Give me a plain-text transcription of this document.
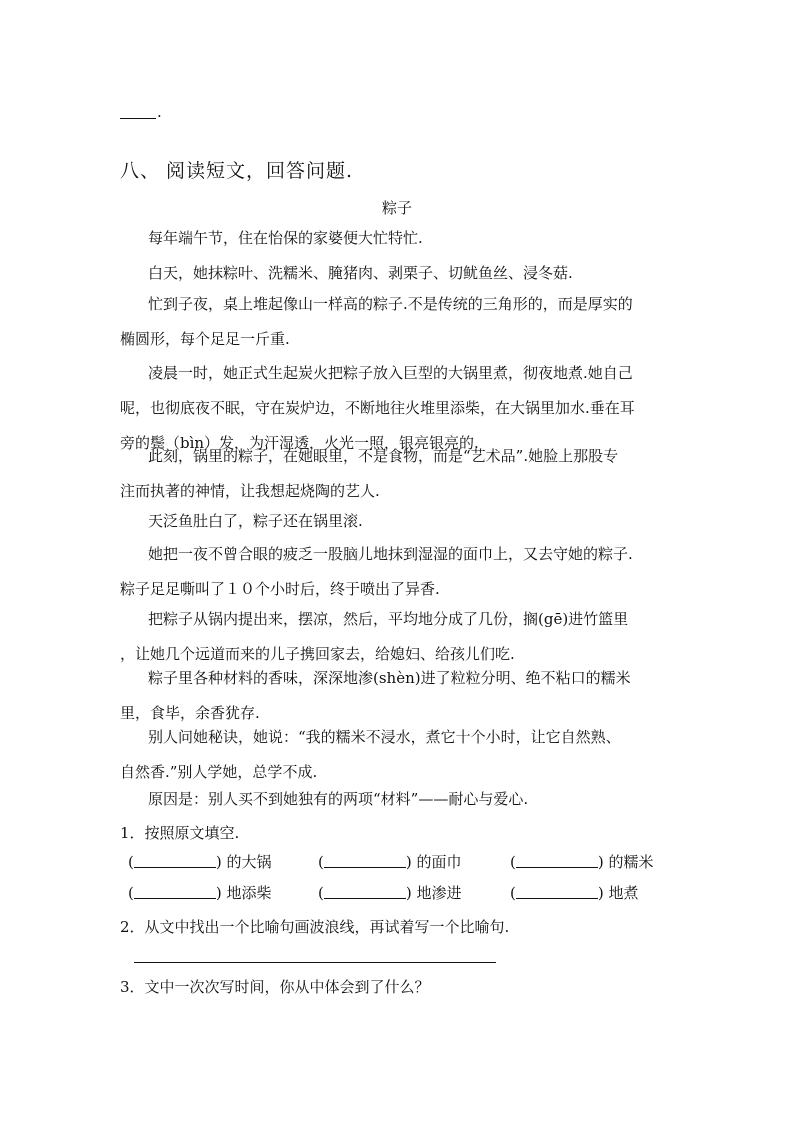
.
八、 阅读短文，回答问题.
粽子
每年端午节，住在怡保的家婆便大忙特忙.
白天，她抹粽叶、洗糯米、腌猪肉、剥栗子、切鱿鱼丝、浸冬菇.
忙到子夜，桌上堆起像山一样高的粽子.不是传统的三角形的，而是厚实的
椭圆形，每个足足一斤重.
凌晨一时，她正式生起炭火把粽子放入巨型的大锅里煮，彻夜地煮.她自己
呢，也彻底夜不眠，守在炭炉边，不断地往火堆里添柴，在大锅里加水.垂在耳
旁的鬓（bìn）发，为汗湿透，火光一照，银亮银亮的.
此刻，锅里的粽子，在她眼里，不是食物，而是“艺术品”.她脸上那股专
注而执著的神情，让我想起烧陶的艺人.
天泛鱼肚白了，粽子还在锅里滚.
她把一夜不曾合眼的疲乏一股脑儿地抹到湿湿的面巾上，又去守她的粽子.
粽子足足嘶叫了１０个小时后，终于喷出了异香.
把粽子从锅内提出来，摆凉，然后，平均地分成了几份，搁(gē)进竹篮里
，让她几个远道而来的儿子携回家去，给媳妇、给孩儿们吃.
粽子里各种材料的香味，深深地渗(shèn)进了粒粒分明、绝不粘口的糯米
里，食毕，余香犹存.
别人问她秘诀，她说：“我的糯米不浸水，煮它十个小时，让它自然熟、
自然香.”别人学她，总学不成.
原因是：别人买不到她独有的两项“材料”——耐心与爱心.
1．按照原文填空.
(	) 的大锅	(	) 的面巾	(	) 的糯米
(	) 地添柴	(	) 地渗进	(	) 地煮
2．从文中找出一个比喻句画波浪线，再试着写一个比喻句.
3．文中一次次写时间，你从中体会到了什么？
